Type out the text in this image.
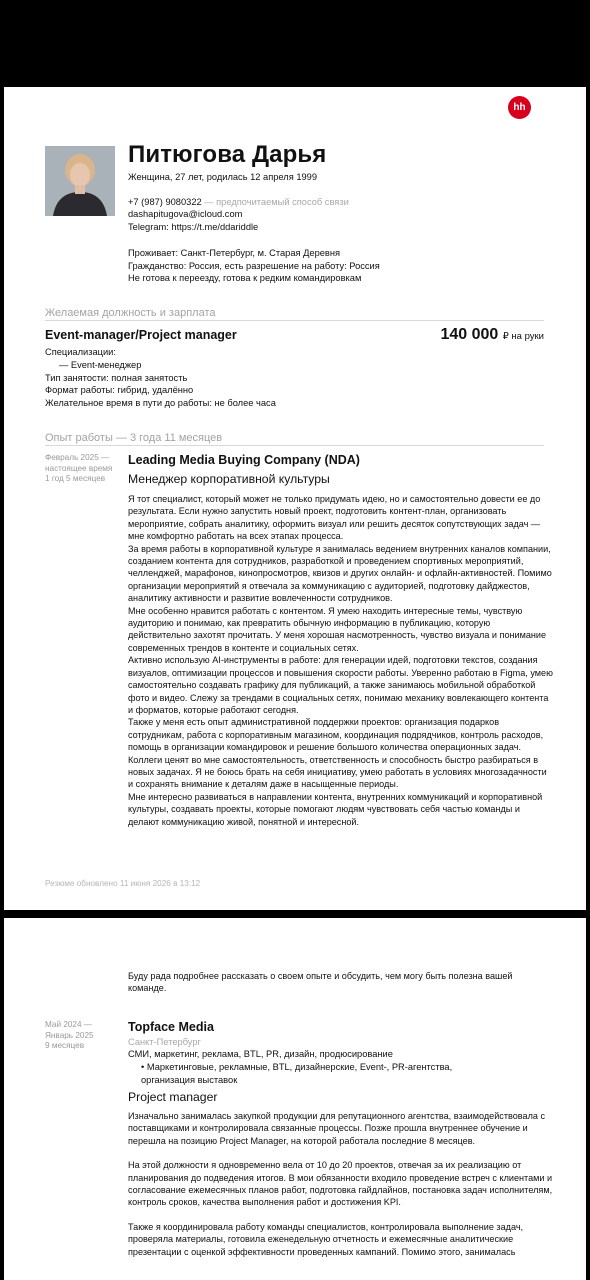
hh
Питюгова Дарья
Женщина, 27 лет, родилась 12 апреля 1999
+7 (987) 9080322 — предпочитаемый способ связи
dashapitugova@icloud.com
Telegram: https://t.me/ddariddle
Проживает: Санкт-Петербург, м. Старая Деревня
Гражданство: Россия, есть разрешение на работу: Россия
Не готова к переезду, готова к редким командировкам
Желаемая должность и зарплата
Event-manager/Project manager	140 000 ₽ на руки
Специализации:
— Event-менеджер
Тип занятости: полная занятость
Формат работы: гибрид, удалённо
Желательное время в пути до работы: не более часа
Опыт работы — 3 года 11 месяцев
Февраль 2025 —
настоящее время
1 год 5 месяцев
Leading Media Buying Company (NDA)
Менеджер корпоративной культуры

Я тот специалист, который может не только придумать идею, но и самостоятельно довести ее до результата. Если нужно запустить новый проект, подготовить контент-план, организовать мероприятие, собрать аналитику, оформить визуал или решить десяток сопутствующих задач — мне комфортно работать на всех этапах процесса.

За время работы в корпоративной культуре я занималась ведением внутренних каналов компании, созданием контента для сотрудников, разработкой и проведением спортивных мероприятий, челленджей, марафонов, кинопросмотров, квизов и других онлайн- и офлайн-активностей. Помимо организации мероприятий я отвечала за коммуникацию с аудиторией, подготовку дайджестов, аналитику активности и развитие вовлеченности сотрудников.

Мне особенно нравится работать с контентом. Я умею находить интересные темы, чувствую аудиторию и понимаю, как превратить обычную информацию в публикацию, которую действительно захотят прочитать. У меня хорошая насмотренность, чувство визуала и понимание современных трендов в контенте и социальных сетях.

Активно использую AI-инструменты в работе: для генерации идей, подготовки текстов, создания визуалов, оптимизации процессов и повышения скорости работы. Уверенно работаю в Figma, умею самостоятельно создавать графику для публикаций, а также занимаюсь мобильной обработкой фото и видео. Слежу за трендами в социальных сетях, понимаю механику вовлекающего контента и форматов, которые работают сегодня.

Также у меня есть опыт административной поддержки проектов: организация подарков сотрудникам, работа с корпоративным магазином, координация подрядчиков, контроль расходов, помощь в организации командировок и решение большого количества операционных задач.

Коллеги ценят во мне самостоятельность, ответственность и способность быстро разбираться в новых задачах. Я не боюсь брать на себя инициативу, умею работать в условиях многозадачности и сохранять внимание к деталям даже в насыщенные периоды.

Мне интересно развиваться в направлении контента, внутренних коммуникаций и корпоративной культуры, создавать проекты, которые помогают людям чувствовать себя частью команды и делают коммуникацию живой, понятной и интересной.

Резюме обновлено 11 июня 2026 в 13:12

Буду рада подробнее рассказать о своем опыте и обсудить, чем могу быть полезна вашей команде.

Май 2024 —
Январь 2025
9 месяцев
Topface Media
Санкт-Петербург
СМИ, маркетинг, реклама, BTL, PR, дизайн, продюсирование
• Маркетинговые, рекламные, BTL, дизайнерские, Event-, PR-агентства, организация выставок
Project manager

Изначально занималась закупкой продукции для репутационного агентства, взаимодействовала с поставщиками и контролировала связанные процессы. Позже прошла внутреннее обучение и перешла на позицию Project Manager, на которой работала последние 8 месяцев.

На этой должности я одновременно вела от 10 до 20 проектов, отвечая за их реализацию от планирования до подведения итогов. В мои обязанности входило проведение встреч с клиентами и согласование ежемесячных планов работ, подготовка гайдлайнов, постановка задач исполнителям, контроль сроков, качества выполнения работ и достижения KPI.

Также я координировала работу команды специалистов, контролировала выполнение задач, проверяла материалы, готовила еженедельную отчетность и ежемесячные аналитические презентации с оценкой эффективности проведенных кампаний. Помимо этого, занималась
